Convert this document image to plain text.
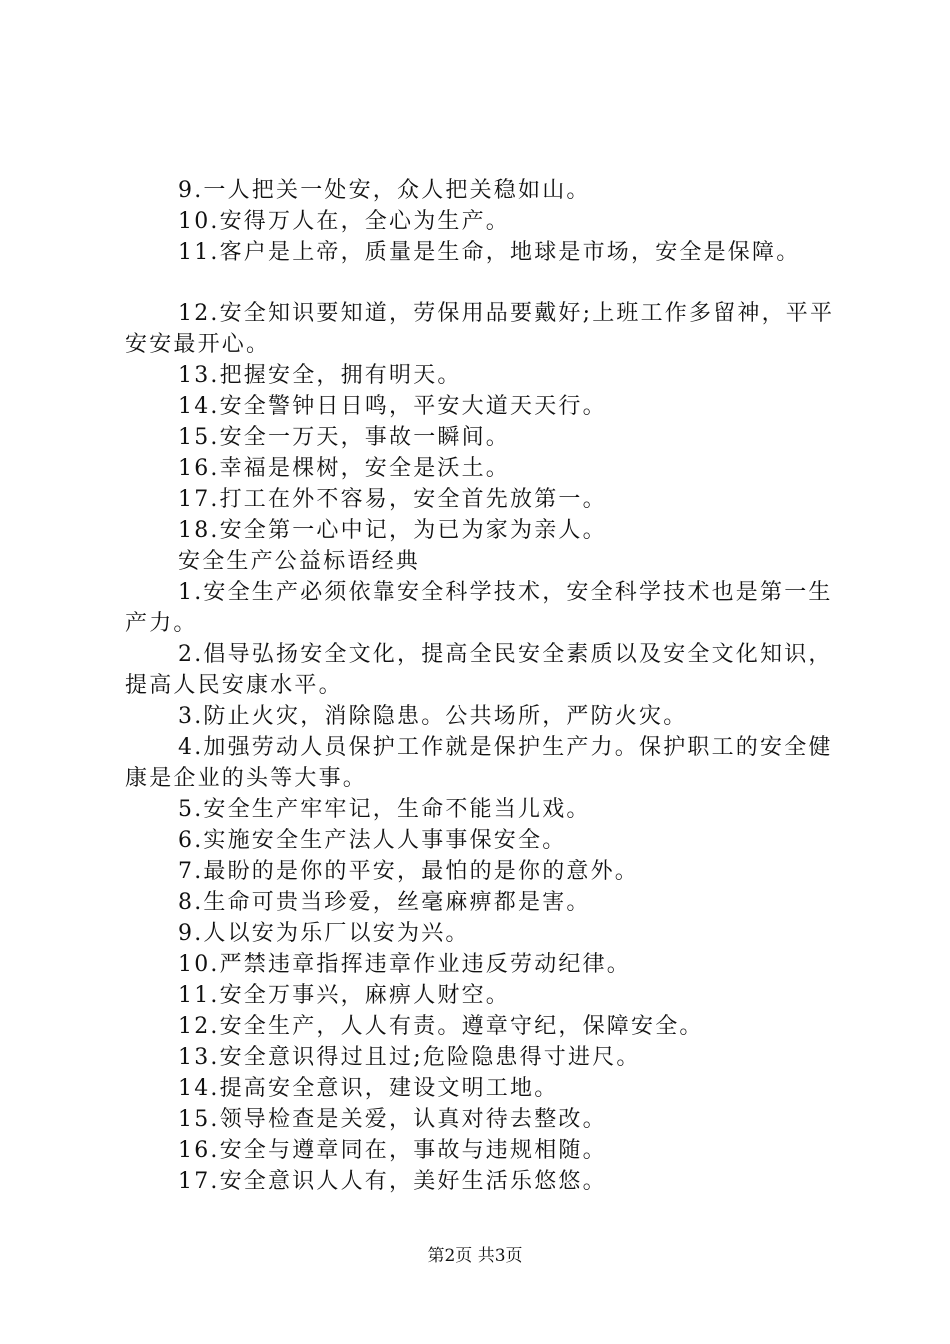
9.一人把关一处安，众人把关稳如山。
10.安得万人在，全心为生产。
11.客户是上帝，质量是生命，地球是市场，安全是保障。
12.安全知识要知道，劳保用品要戴好;上班工作多留神，平平安安最开心。
13.把握安全，拥有明天。
14.安全警钟日日鸣，平安大道天天行。
15.安全一万天，事故一瞬间。
16.幸福是棵树，安全是沃土。
17.打工在外不容易，安全首先放第一。
18.安全第一心中记，为已为家为亲人。
安全生产公益标语经典
1.安全生产必须依靠安全科学技术，安全科学技术也是第一生产力。
2.倡导弘扬安全文化，提高全民安全素质以及安全文化知识，提高人民安康水平。
3.防止火灾，消除隐患。公共场所，严防火灾。
4.加强劳动人员保护工作就是保护生产力。保护职工的安全健康是企业的头等大事。
5.安全生产牢牢记，生命不能当儿戏。
6.实施安全生产法人人事事保安全。
7.最盼的是你的平安，最怕的是你的意外。
8.生命可贵当珍爱，丝毫麻痹都是害。
9.人以安为乐厂以安为兴。
10.严禁违章指挥违章作业违反劳动纪律。
11.安全万事兴，麻痹人财空。
12.安全生产，人人有责。遵章守纪，保障安全。
13.安全意识得过且过;危险隐患得寸进尺。
14.提高安全意识，建设文明工地。
15.领导检查是关爱，认真对待去整改。
16.安全与遵章同在，事故与违规相随。
17.安全意识人人有，美好生活乐悠悠。
第2页 共3页
